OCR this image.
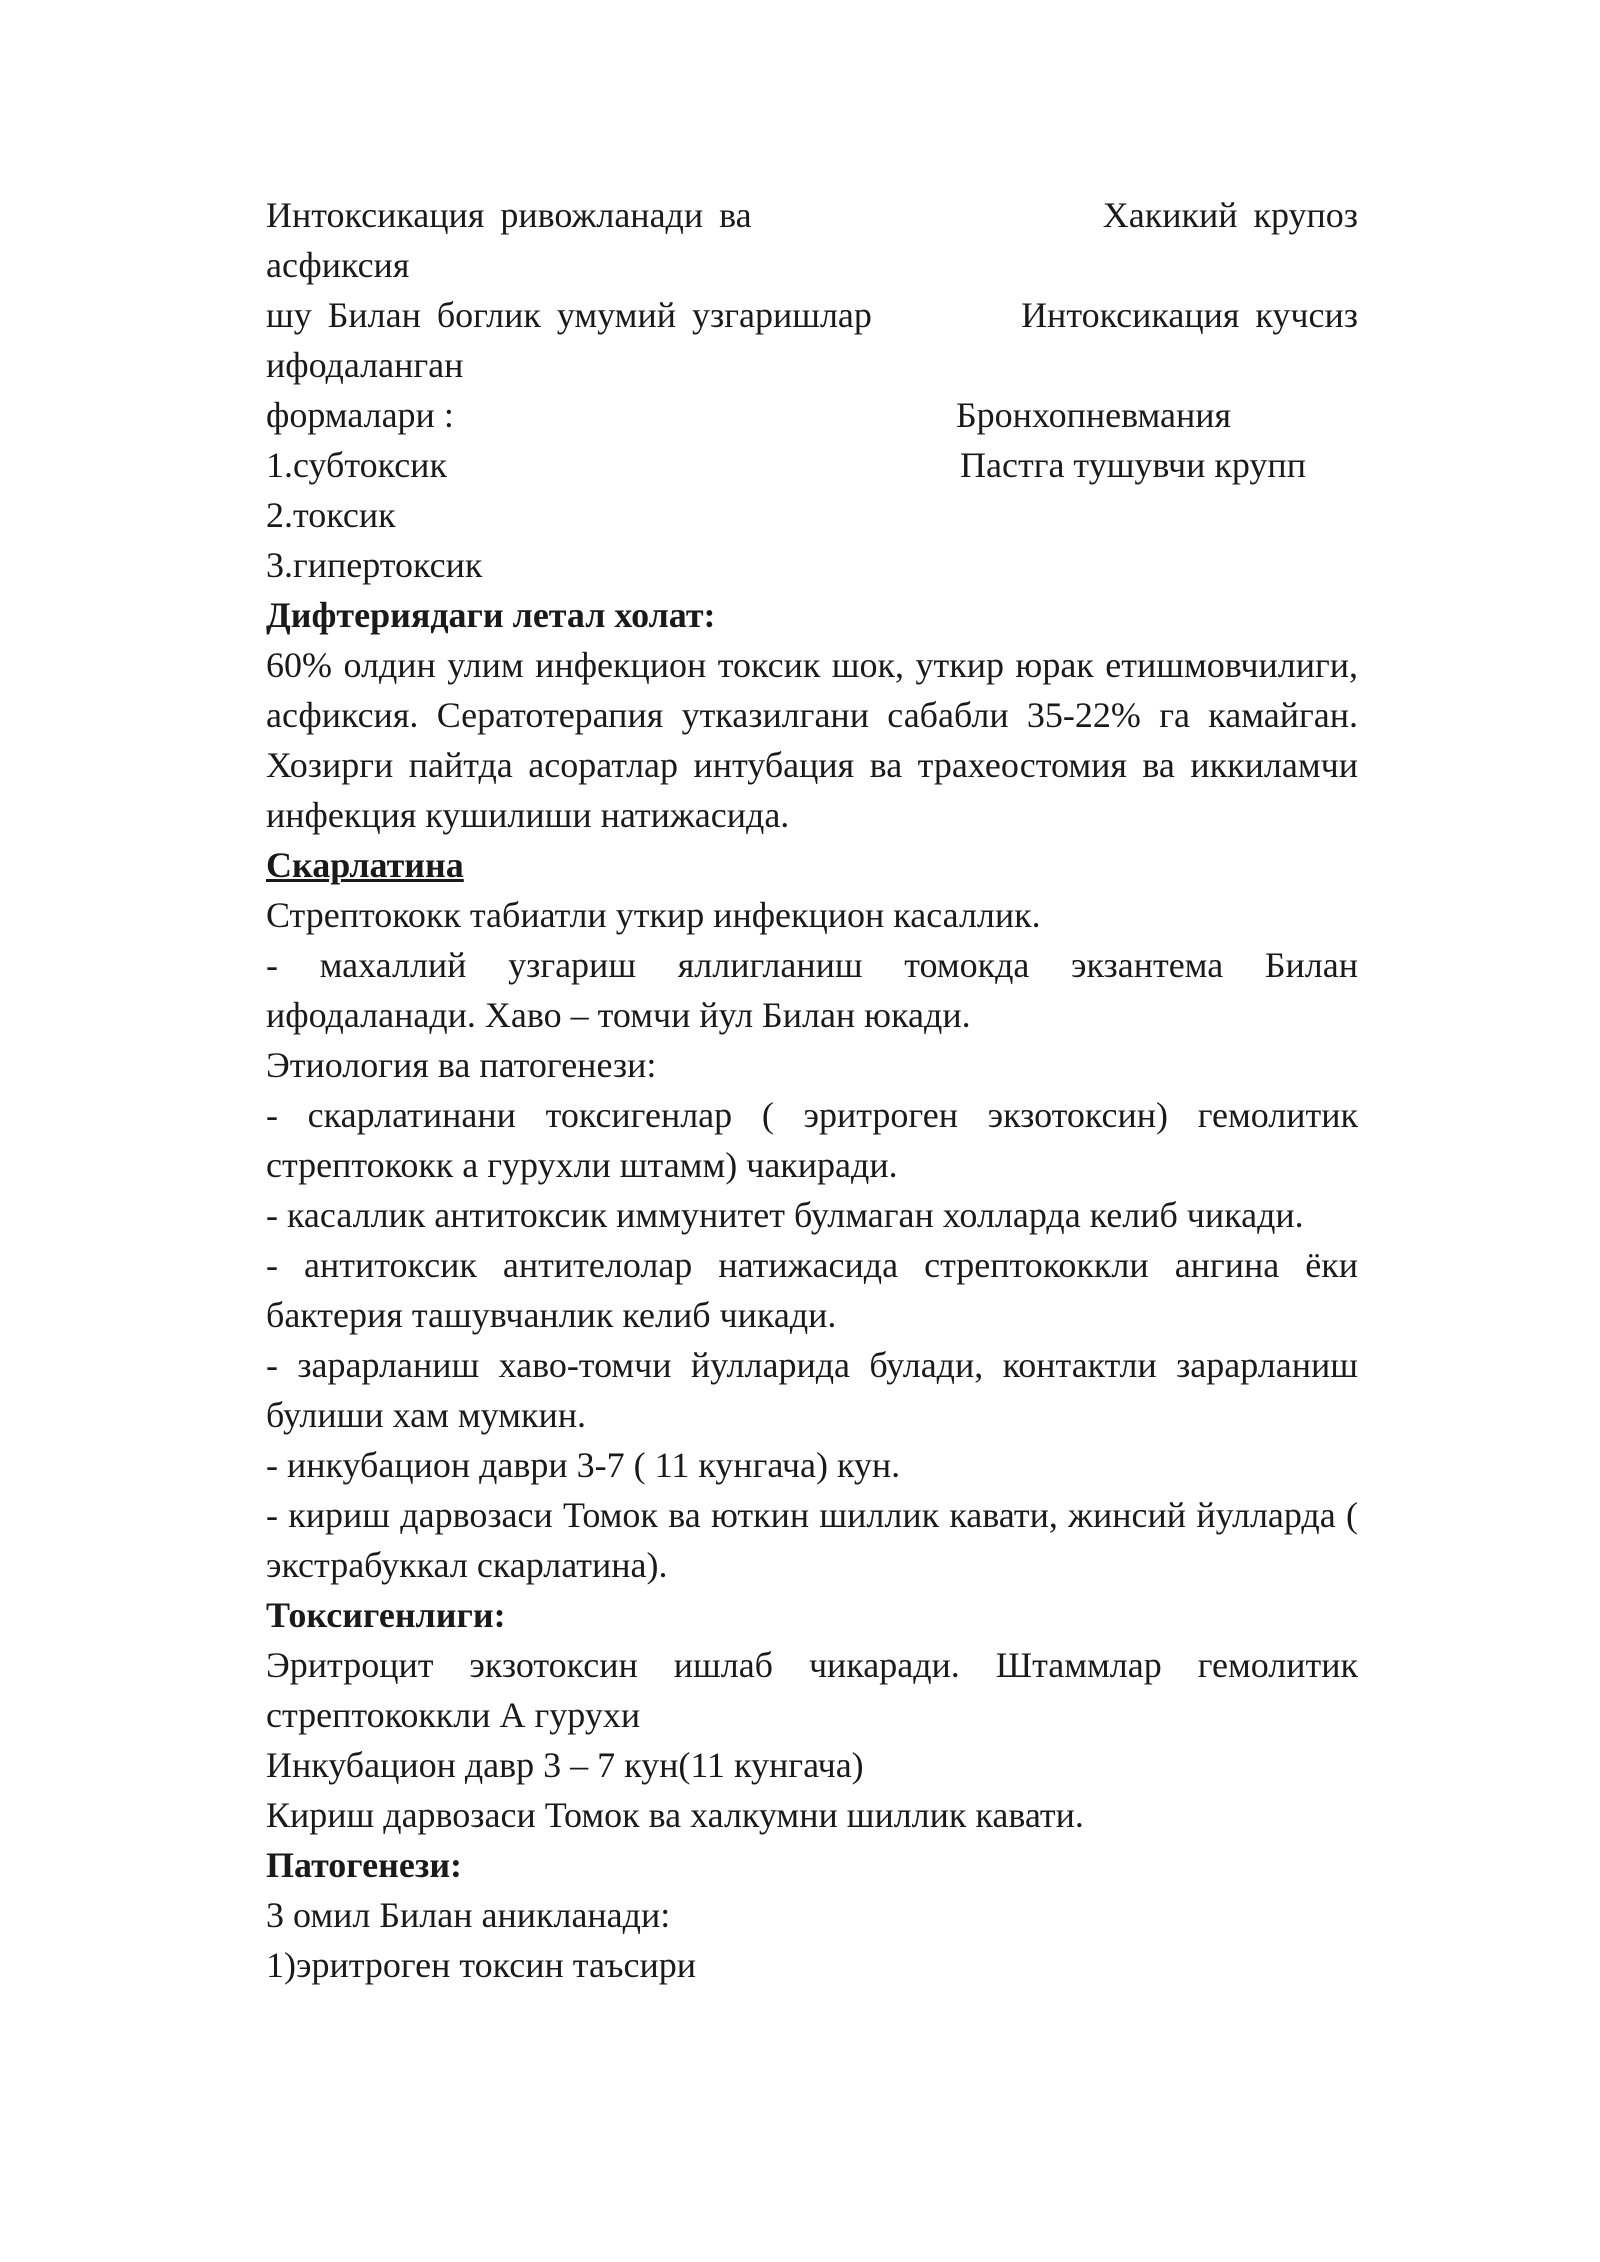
Интоксикация ривожланади ва	Хакикий крупоз
асфиксия
шу Билан боглик умумий узгаришлар	Интоксикация кучсиз
ифодаланган
формалари :	Бронхопневмания
1.субтоксик	Пастга тушувчи крупп
2.токсик
3.гипертоксик

Дифтериядаги летал холат:

60% олдин улим инфекцион токсик шок, уткир юрак етишмовчилиги, асфиксия. Сератотерапия утказилгани сабабли 35-22% га камайган. Хозирги пайтда асоратлар интубация ва трахеостомия ва иккиламчи инфекция кушилиши натижасида.

Скарлатина

Стрептококк табиатли уткир инфекцион касаллик.

- махаллий узгариш яллигланиш томокда экзантема Билан ифодаланади. Хаво – томчи йул Билан юкади.

Этиология ва патогенези:

- скарлатинани токсигенлар ( эритроген экзотоксин) гемолитик стрептококк а гурухли штамм) чакиради.

- касаллик антитоксик иммунитет булмаган холларда келиб чикади.

- антитоксик антителолар натижасида стрептококкли ангина ёки бактерия ташувчанлик келиб чикади.

- зарарланиш хаво-томчи йулларида булади, контактли зарарланиш булиши хам мумкин.

- инкубацион даври 3-7 ( 11 кунгача) кун.

- кириш дарвозаси Томок ва юткин шиллик кавати, жинсий йулларда ( экстрабуккал скарлатина).

Токсигенлиги:

Эритроцит экзотоксин ишлаб чикаради. Штаммлар гемолитик стрептококкли А гурухи

Инкубацион давр 3 – 7 кун(11 кунгача)

Кириш дарвозаси Томок ва халкумни шиллик кавати.

Патогенези:

3 омил Билан аникланади:

1)эритроген токсин таъсири
